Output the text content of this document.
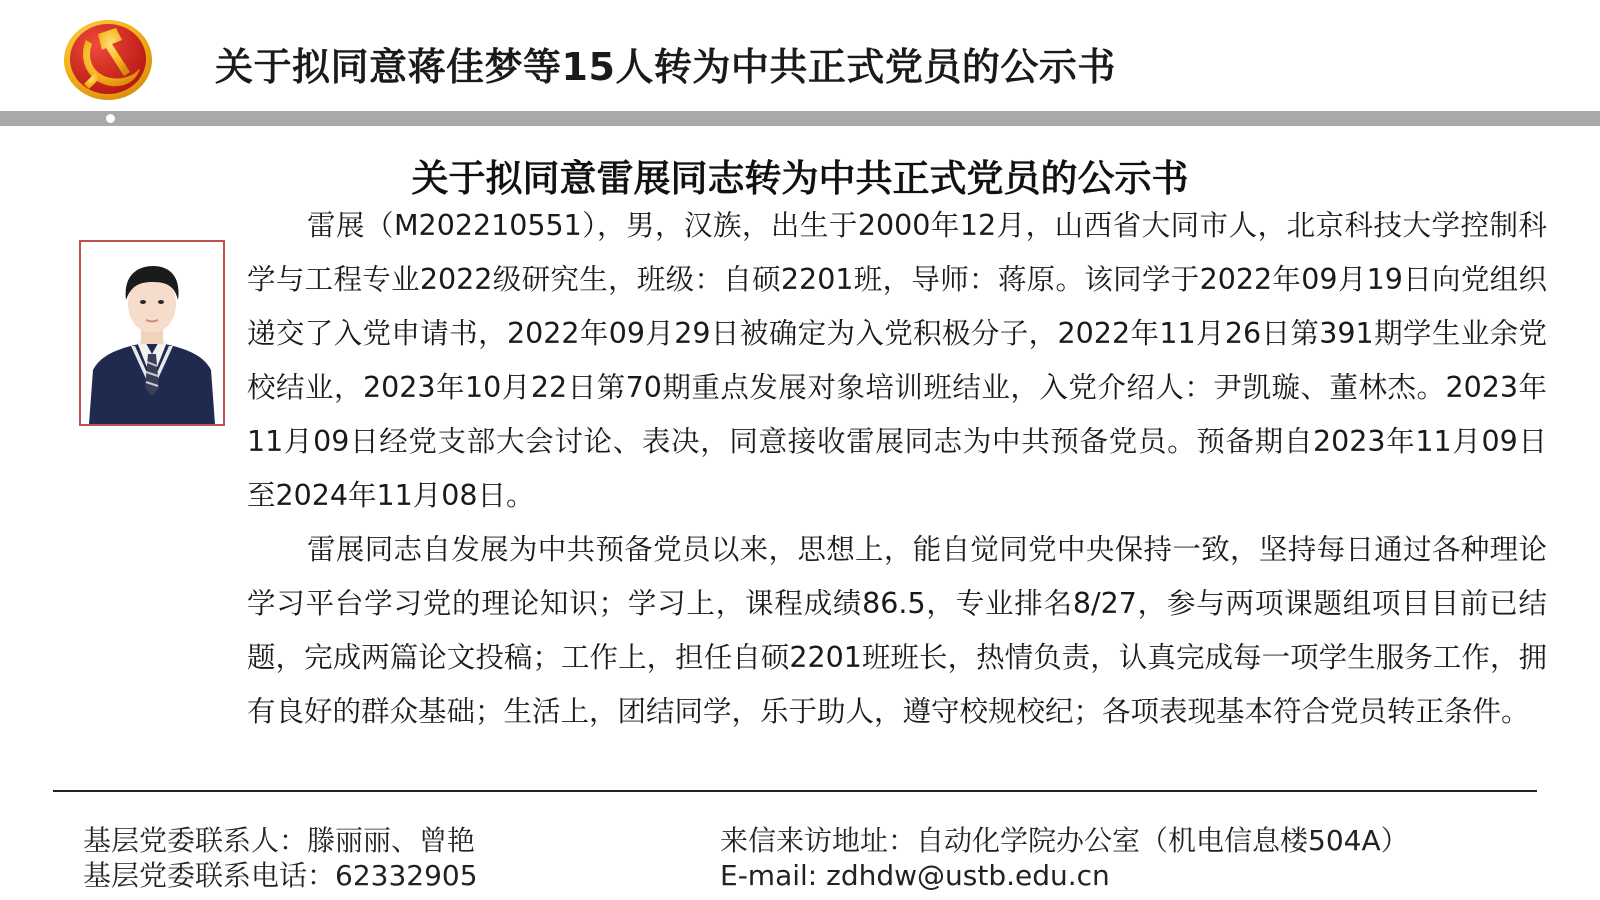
关于拟同意蒋佳梦等15人转为中共正式党员的公示书
关于拟同意雷展同志转为中共正式党员的公示书

雷展（M202210551），男，汉族，出生于2000年12月，山西省大同市人，北京科技大学控制科学与工程专业2022级研究生，班级：自硕2201班，导师：蒋原。该同学于2022年09月19日向党组织递交了入党申请书，2022年09月29日被确定为入党积极分子，2022年11月26日第391期学生业余党校结业，2023年10月22日第70期重点发展对象培训班结业，入党介绍人：尹凯璇、董林杰。2023年11月09日经党支部大会讨论、表决，同意接收雷展同志为中共预备党员。预备期自2023年11月09日至2024年11月08日。

雷展同志自发展为中共预备党员以来，思想上，能自觉同党中央保持一致，坚持每日通过各种理论学习平台学习党的理论知识；学习上，课程成绩86.5，专业排名8/27，参与两项课题组项目目前已结题，完成两篇论文投稿；工作上，担任自硕2201班班长，热情负责，认真完成每一项学生服务工作，拥有良好的群众基础；生活上，团结同学，乐于助人，遵守校规校纪；各项表现基本符合党员转正条件。

基层党委联系人：滕丽丽、曾艳
基层党委联系电话：62332905
来信来访地址：自动化学院办公室（机电信息楼504A）
E-mail: zdhdw@ustb.edu.cn
